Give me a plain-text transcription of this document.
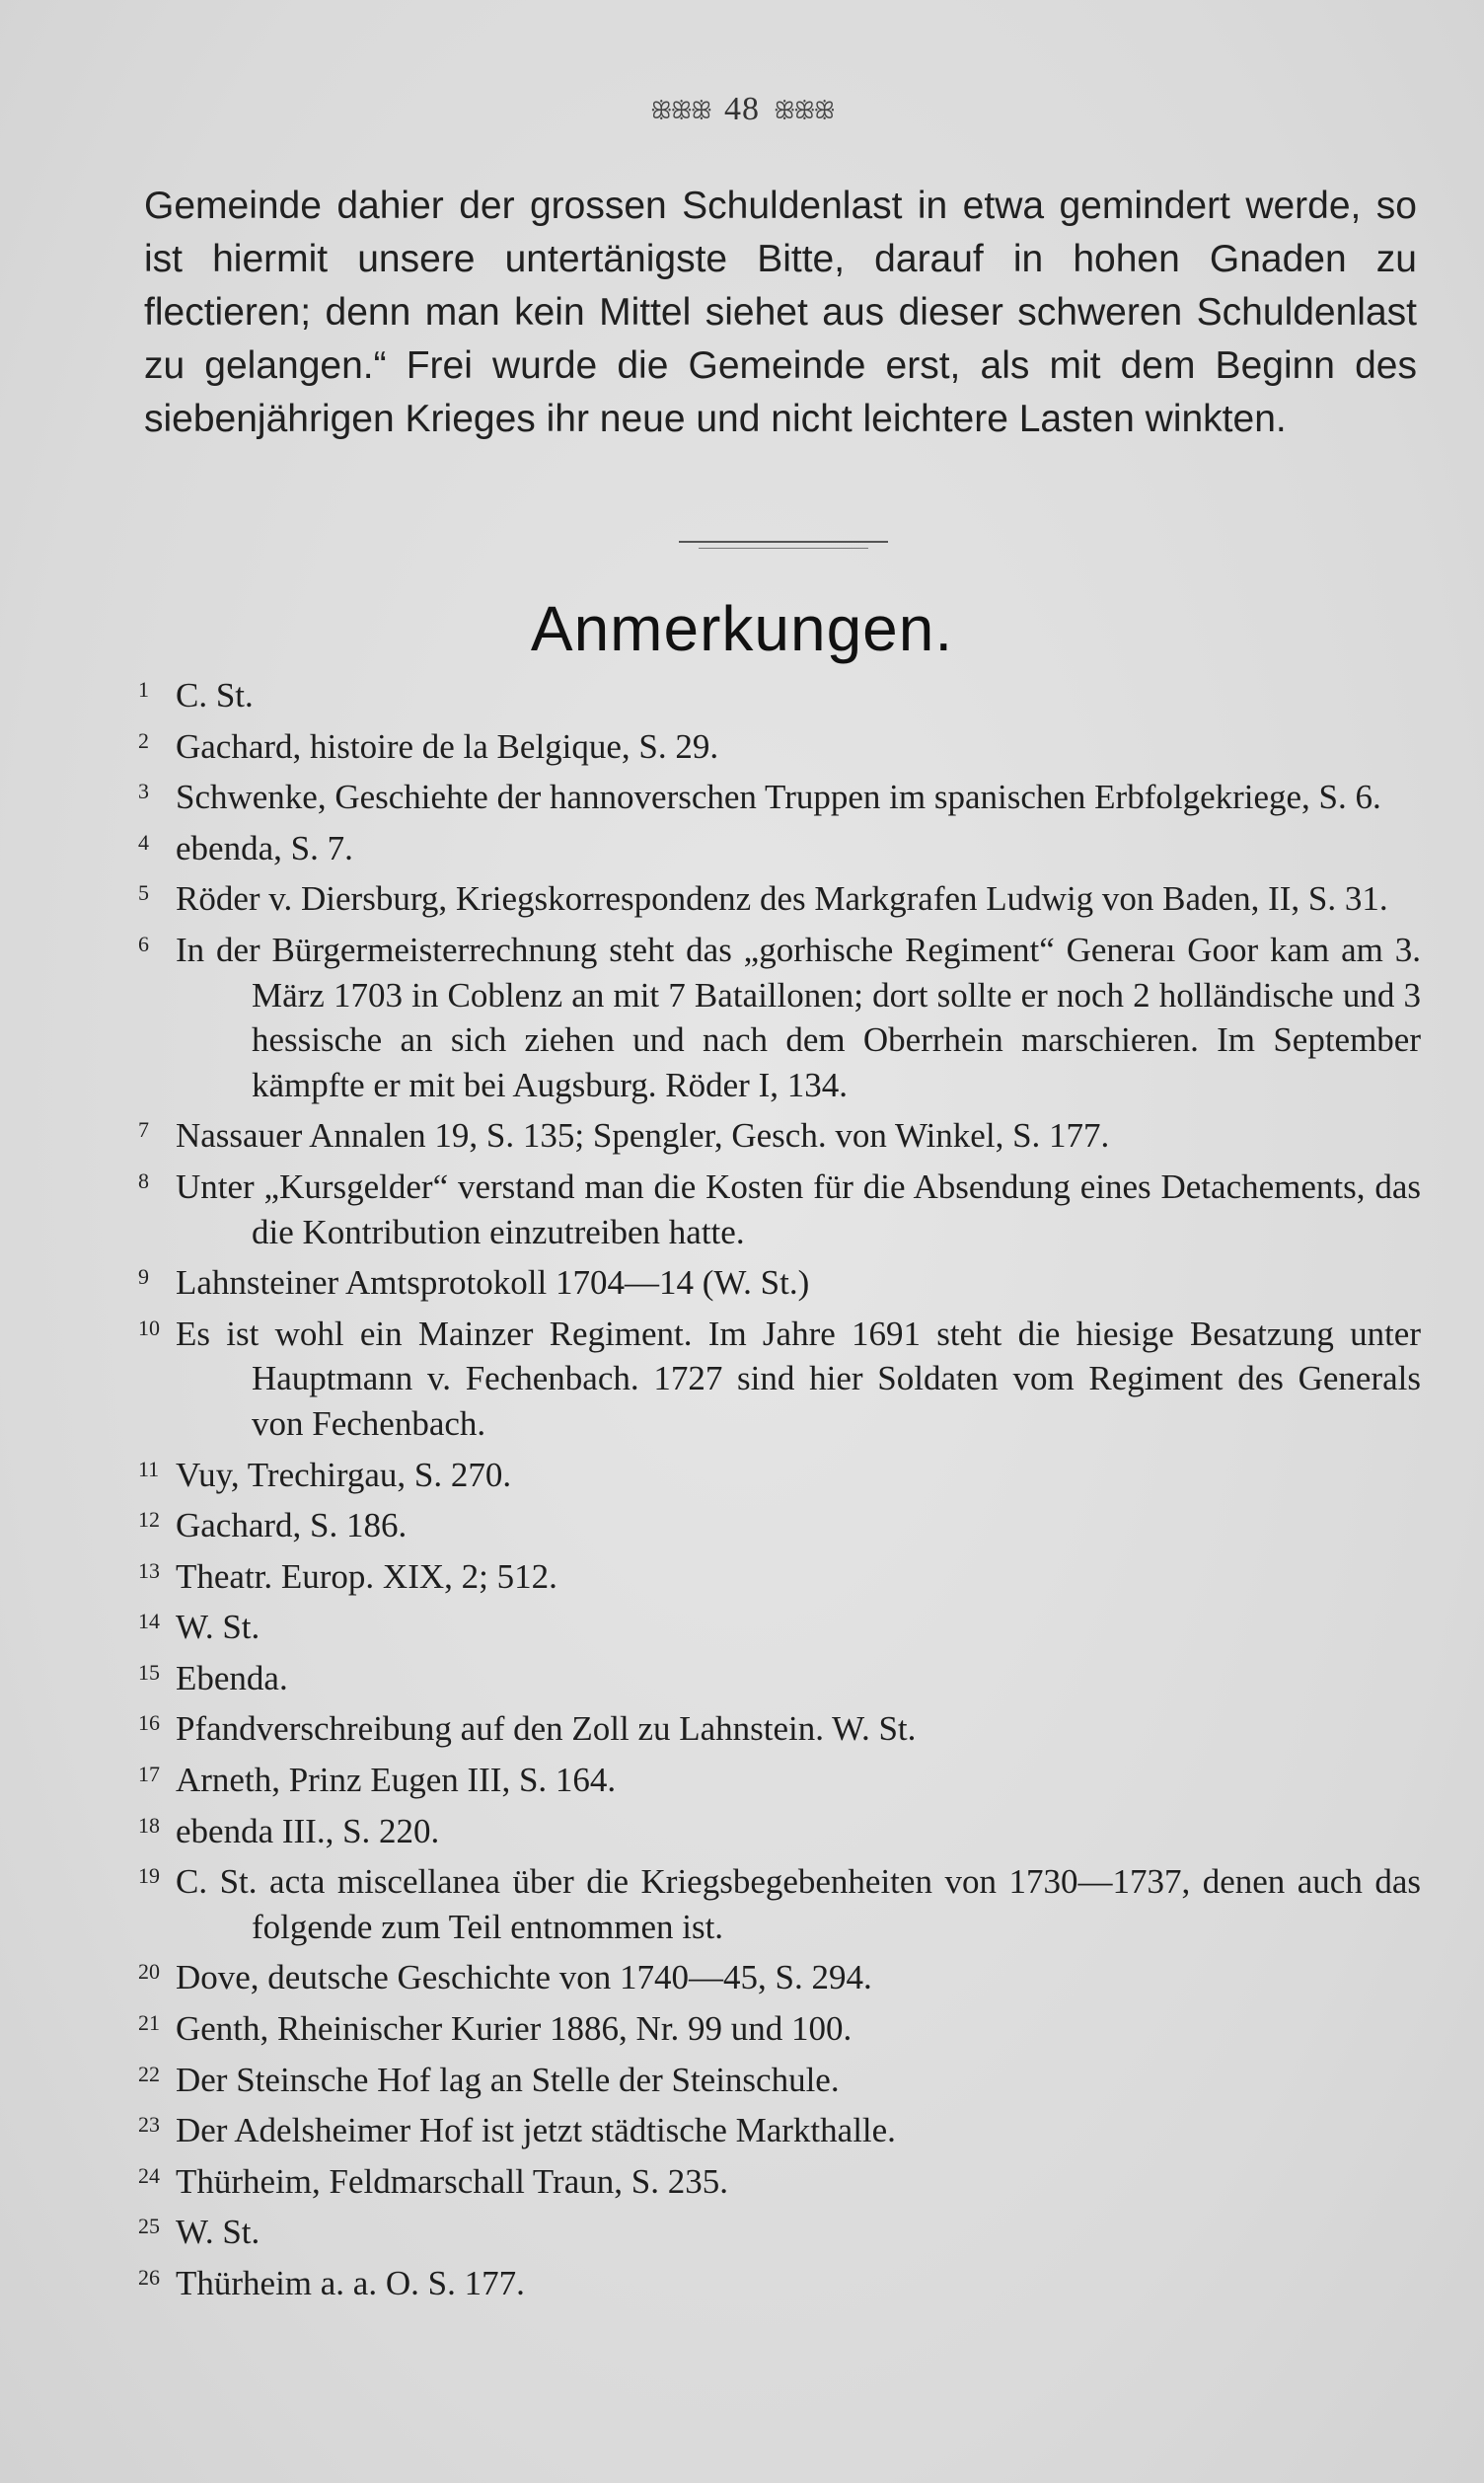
ꕥꕥꕥ 48 ꕥꕥꕥ
Gemeinde dahier der grossen Schuldenlast in etwa gemindert werde, so ist hiermit unsere untertänigste Bitte, darauf in hohen Gnaden zu flectieren; denn man kein Mittel siehet aus dieser schweren Schuldenlast zu gelangen.“ Frei wurde die Gemeinde erst, als mit dem Beginn des siebenjährigen Krieges ihr neue und nicht leichtere Lasten winkten.
Anmerkungen.
1 C. St.
2 Gachard, histoire de la Belgique, S. 29.
3 Schwenke, Geschiehte der hannoverschen Truppen im spanischen Erbfolgekriege, S. 6.
4 ebenda, S. 7.
5 Röder v. Diersburg, Kriegskorrespondenz des Markgrafen Ludwig von Baden, II, S. 31.
6 In der Bürgermeisterrechnung steht das „gorhische Regiment“ Generaı Goor kam am 3. März 1703 in Coblenz an mit 7 Bataillonen; dort sollte er noch 2 holländische und 3 hessische an sich ziehen und nach dem Oberrhein marschieren. Im September kämpfte er mit bei Augsburg. Röder I, 134.
7 Nassauer Annalen 19, S. 135; Spengler, Gesch. von Winkel, S. 177.
8 Unter „Kursgelder“ verstand man die Kosten für die Absendung eines Detachements, das die Kontribution einzutreiben hatte.
9 Lahnsteiner Amtsprotokoll 1704—14 (W. St.)
10 Es ist wohl ein Mainzer Regiment. Im Jahre 1691 steht die hiesige Besatzung unter Hauptmann v. Fechenbach. 1727 sind hier Soldaten vom Regiment des Generals von Fechenbach.
11 Vuy, Trechirgau, S. 270.
12 Gachard, S. 186.
13 Theatr. Europ. XIX, 2; 512.
14 W. St.
15 Ebenda.
16 Pfandverschreibung auf den Zoll zu Lahnstein. W. St.
17 Arneth, Prinz Eugen III, S. 164.
18 ebenda III., S. 220.
19 C. St. acta miscellanea über die Kriegsbegebenheiten von 1730—1737, denen auch das folgende zum Teil entnommen ist.
20 Dove, deutsche Geschichte von 1740—45, S. 294.
21 Genth, Rheinischer Kurier 1886, Nr. 99 und 100.
22 Der Steinsche Hof lag an Stelle der Steinschule.
23 Der Adelsheimer Hof ist jetzt städtische Markthalle.
24 Thürheim, Feldmarschall Traun, S. 235.
25 W. St.
26 Thürheim a. a. O. S. 177.
